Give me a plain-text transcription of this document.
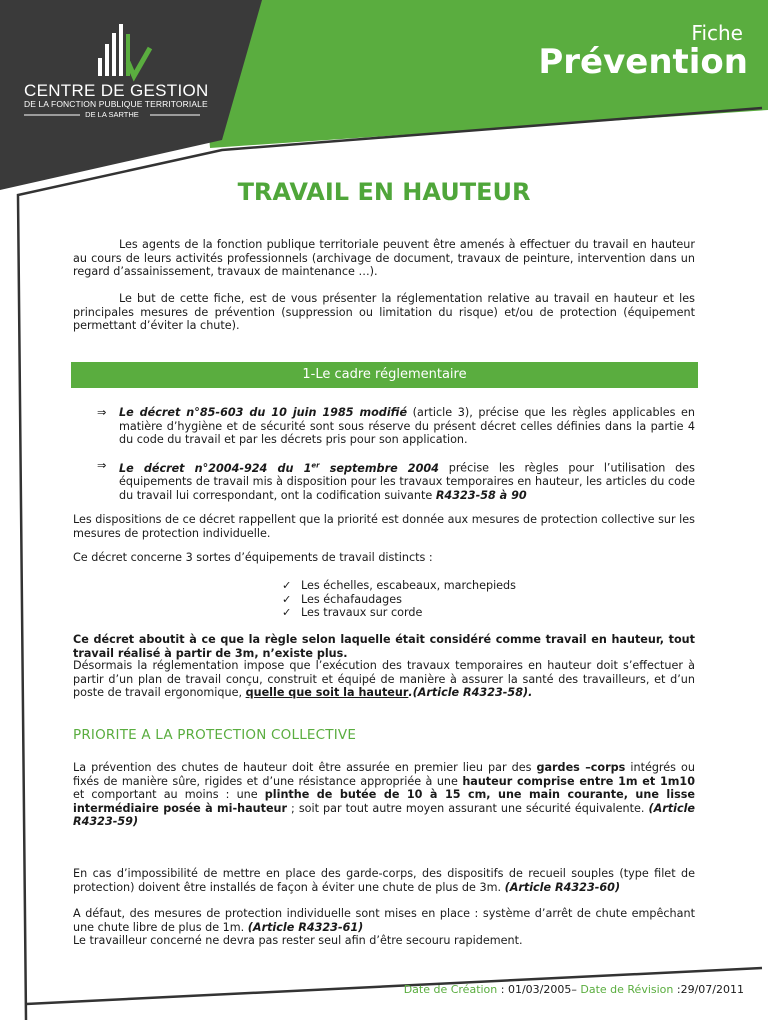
CENTRE DE GESTION
DE LA FONCTION PUBLIQUE TERRITORIALE
DE LA SARTHE
Fiche
Prévention
TRAVAIL EN HAUTEUR
Les agents de la fonction publique territoriale peuvent être amenés à effectuer du travail en hauteur au cours de leurs activités professionnels (archivage de document, travaux de peinture, intervention dans un regard d’assainissement, travaux de maintenance …).
Le but de cette fiche, est de vous présenter la réglementation relative au travail en hauteur et les principales mesures de prévention (suppression ou limitation du risque) et/ou de protection (équipement permettant d’éviter la chute).
1-Le cadre réglementaire
⇒ Le décret n°85-603 du 10 juin 1985 modifié (article 3), précise que les règles applicables en matière d’hygiène et de sécurité sont sous réserve du présent décret celles définies dans la partie 4 du code du travail et par les décrets pris pour son application.
⇒ Le décret n°2004-924 du 1er septembre 2004 précise les règles pour l’utilisation des équipements de travail mis à disposition pour les travaux temporaires en hauteur, les articles du code du travail lui correspondant, ont la codification suivante R4323-58 à 90
Les dispositions de ce décret rappellent que la priorité est donnée aux mesures de protection collective sur les mesures de protection individuelle.
Ce décret concerne 3 sortes d’équipements de travail distincts :
✓ Les échelles, escabeaux, marchepieds
✓ Les échafaudages
✓ Les travaux sur corde
Ce décret aboutit à ce que la règle selon laquelle était considéré comme travail en hauteur, tout travail réalisé à partir de 3m, n’existe plus.
Désormais la réglementation impose que l’exécution des travaux temporaires en hauteur doit s’effectuer à partir d’un plan de travail conçu, construit et équipé de manière à assurer la santé des travailleurs, et d’un poste de travail ergonomique, quelle que soit la hauteur.(Article R4323-58).
PRIORITE A LA PROTECTION COLLECTIVE
La prévention des chutes de hauteur doit être assurée en premier lieu par des gardes –corps intégrés ou fixés de manière sûre, rigides et d’une résistance appropriée à une hauteur comprise entre 1m et 1m10 et comportant au moins : une plinthe de butée de 10 à 15 cm, une main courante, une lisse intermédiaire posée à mi-hauteur ; soit par tout autre moyen assurant une sécurité équivalente. (Article R4323-59)
En cas d’impossibilité de mettre en place des garde-corps, des dispositifs de recueil souples (type filet de protection) doivent être installés de façon à éviter une chute de plus de 3m. (Article R4323-60)
A défaut, des mesures de protection individuelle sont mises en place : système d’arrêt de chute empêchant une chute libre de plus de 1m. (Article R4323-61)
Le travailleur concerné ne devra pas rester seul afin d’être secouru rapidement.
Date de Création : 01/03/2005– Date de Révision :29/07/2011
